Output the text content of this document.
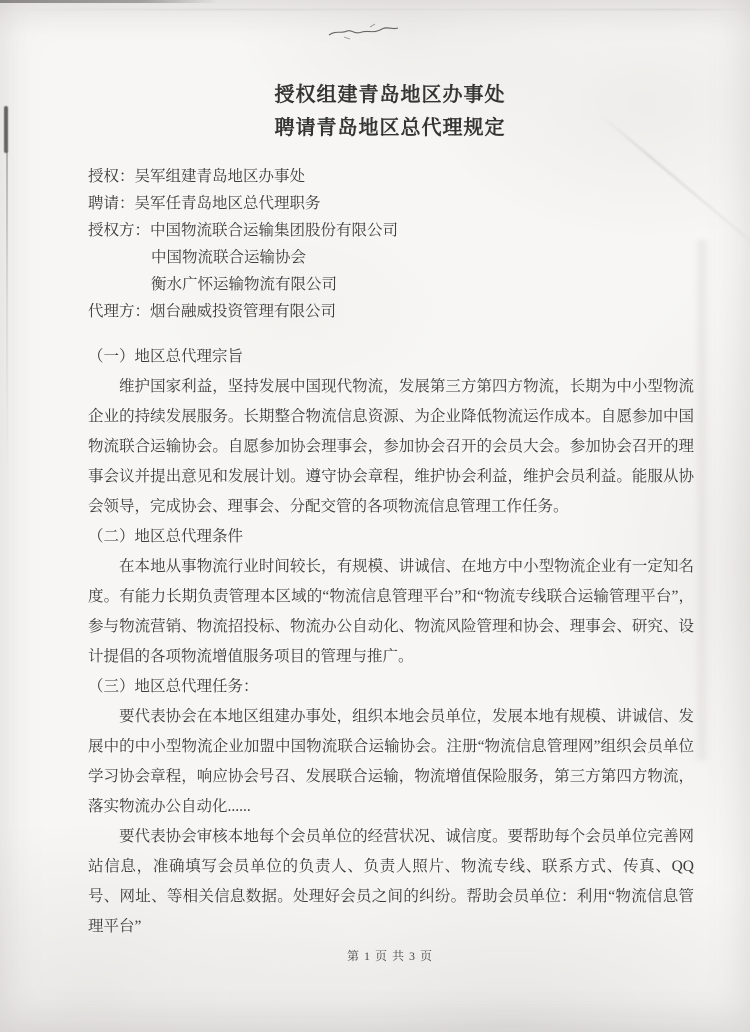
授权组建青岛地区办事处
聘请青岛地区总代理规定
授权：吴军组建青岛地区办事处
聘请：吴军任青岛地区总代理职务
授权方：中国物流联合运输集团股份有限公司
中国物流联合运输协会
衡水广怀运输物流有限公司
代理方：烟台融威投资管理有限公司
（一）地区总代理宗旨

维护国家利益，坚持发展中国现代物流，发展第三方第四方物流，长期为中小型物流企业的持续发展服务。长期整合物流信息资源、为企业降低物流运作成本。自愿参加中国物流联合运输协会。自愿参加协会理事会，参加协会召开的会员大会。参加协会召开的理事会议并提出意见和发展计划。遵守协会章程，维护协会利益，维护会员利益。能服从协会领导，完成协会、理事会、分配交管的各项物流信息管理工作任务。

（二）地区总代理条件

在本地从事物流行业时间较长，有规模、讲诚信、在地方中小型物流企业有一定知名度。有能力长期负责管理本区域的“物流信息管理平台”和“物流专线联合运输管理平台”，参与物流营销、物流招投标、物流办公自动化、物流风险管理和协会、理事会、研究、设计提倡的各项物流增值服务项目的管理与推广。

（三）地区总代理任务：

要代表协会在本地区组建办事处，组织本地会员单位，发展本地有规模、讲诚信、发展中的中小型物流企业加盟中国物流联合运输协会。注册“物流信息管理网”组织会员单位学习协会章程，响应协会号召、发展联合运输，物流增值保险服务，第三方第四方物流，落实物流办公自动化......

要代表协会审核本地每个会员单位的经营状况、诚信度。要帮助每个会员单位完善网站信息，准确填写会员单位的负责人、负责人照片、物流专线、联系方式、传真、QQ 号、网址、等相关信息数据。处理好会员之间的纠纷。帮助会员单位：利用“物流信息管理平台”

第 1 页 共 3 页
